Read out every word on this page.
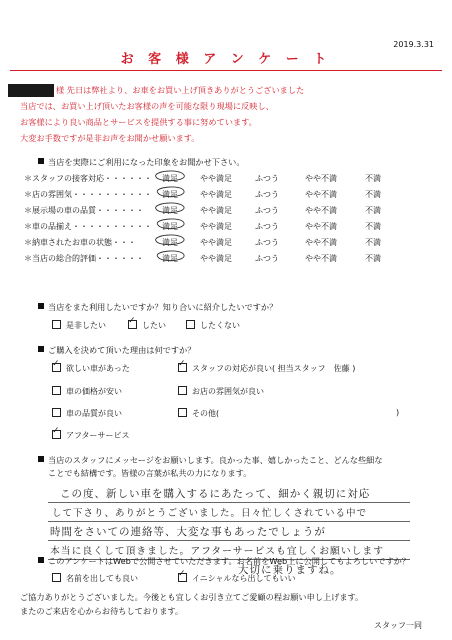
2019.3.31
お 客 様 ア ン ケ ー ト
様 先日は弊社より、お車をお買い上げ頂きありがとうございました
当店では、お買い上げ頂いたお客様の声を可能な限り現場に反映し、
お客様により良い商品とサービスを提供する事に努めています。
大変お手数ですが是非お声をお聞かせ願います。
当店を実際にご利用になった印象をお聞かせ下さい。
＊ スタッフの接客対応・・・・・・ 満足	やや満足	ふつう	やや不満	不満
＊ 店の雰囲気・・・・・・・・・・ 満足	やや満足	ふつう	やや不満	不満
＊ 展示場の車の品質・・・・・・ 満足	やや満足	ふつう	やや不満	不満
＊ 車の品揃え・・・・・・・・・・ 満足	やや満足	ふつう	やや不満	不満
＊ 納車されたお車の状態・・・	満足	やや満足	ふつう	やや不満	不満
＊ 当店の総合的評価・・・・・・ 満足	やや満足	ふつう	やや不満	不満
当店をまた利用したいですか？知り合いに紹介したいですか？
是非したい ✓ したい	したくない
ご購入を決めて頂いた理由は何ですか？
✓ 欲しい車があった	✓ スタッフの対応が良い( 担当スタッフ　佐藤 )
車の価格が安い	お店の雰囲気が良い
車の品質が良い	その他(	)
✓ アフターサービス
当店のスタッフにメッセージをお願いします。良かった事、嬉しかったこと、どんな些細な
ことでも結構です。皆様の言葉が私共の力になります。
この度、新しい車を購入するにあたって、細かく親切に対応
して下さり、ありがとうございました。日々忙しくされている中で
時間をさいての連絡等、大変な事もあったでしょうが
本当に良くして頂きました。アフターサービスも宜しくお願いします
大切に乗りますね。
このアンケートはWebで公開させていただきます。お名前をWeb上に公開してもよろしいですか？
名前を出しても良い	✓ イニシャルなら出してもいい
ご協力ありがとうございました。今後とも宜しくお引き立てご愛顧の程お願い申し上げます。
またのご来店を心からお待ちしております。
スタッフ一同
